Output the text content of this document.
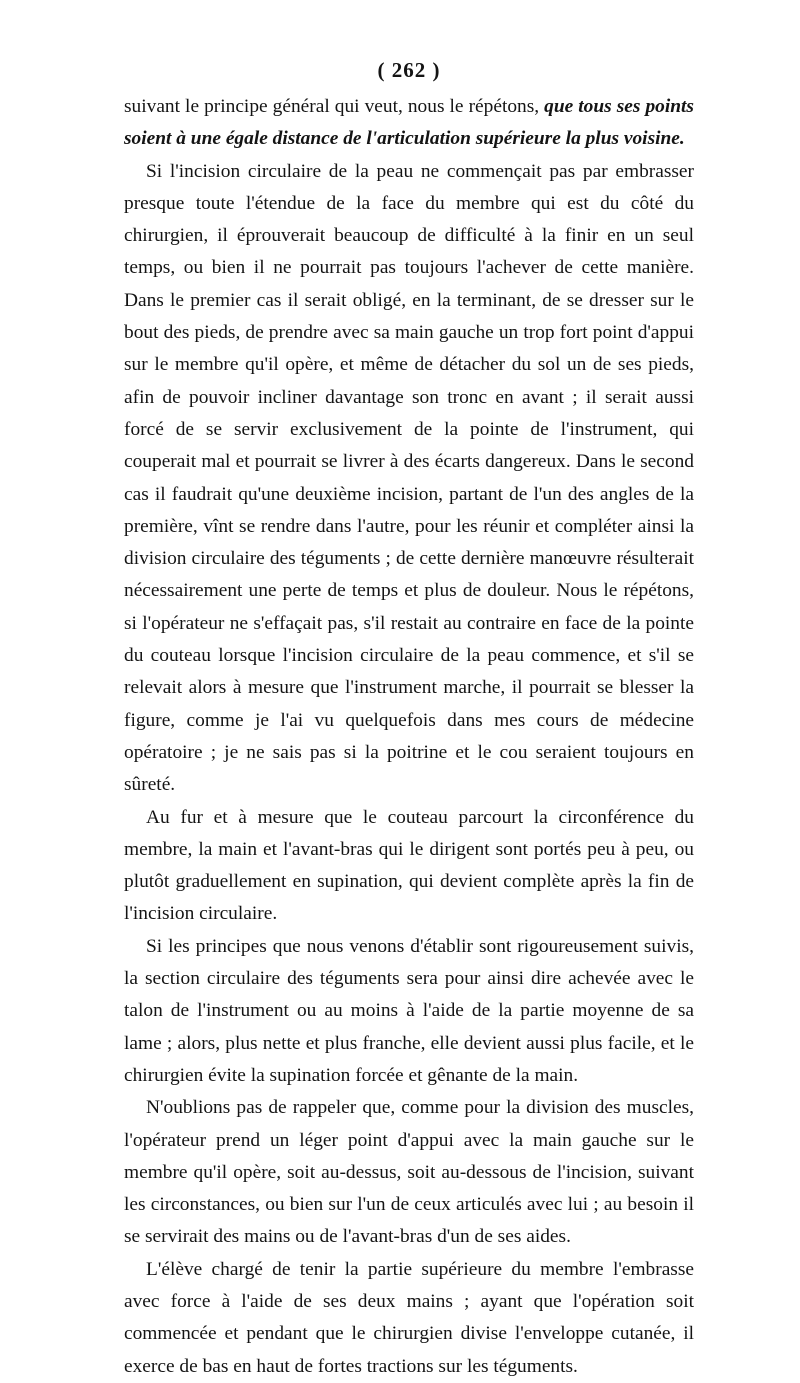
( 262 )

suivant le principe général qui veut, nous le répétons, que tous ses points soient à une égale distance de l'articulation supérieure la plus voisine.

Si l'incision circulaire de la peau ne commençait pas par embrasser presque toute l'étendue de la face du membre qui est du côté du chirurgien, il éprouverait beaucoup de difficulté à la finir en un seul temps, ou bien il ne pourrait pas toujours l'achever de cette manière. Dans le premier cas il serait obligé, en la terminant, de se dresser sur le bout des pieds, de prendre avec sa main gauche un trop fort point d'appui sur le membre qu'il opère, et même de détacher du sol un de ses pieds, afin de pouvoir incliner davantage son tronc en avant ; il serait aussi forcé de se servir exclusivement de la pointe de l'instrument, qui couperait mal et pourrait se livrer à des écarts dangereux. Dans le second cas il faudrait qu'une deuxième incision, partant de l'un des angles de la première, vînt se rendre dans l'autre, pour les réunir et compléter ainsi la division circulaire des téguments ; de cette dernière manœuvre résulterait nécessairement une perte de temps et plus de douleur. Nous le répétons, si l'opérateur ne s'effaçait pas, s'il restait au contraire en face de la pointe du couteau lorsque l'incision circulaire de la peau commence, et s'il se relevait alors à mesure que l'instrument marche, il pourrait se blesser la figure, comme je l'ai vu quelquefois dans mes cours de médecine opératoire ; je ne sais pas si la poitrine et le cou seraient toujours en sûreté.

Au fur et à mesure que le couteau parcourt la circonférence du membre, la main et l'avant-bras qui le dirigent sont portés peu à peu, ou plutôt graduellement en supination, qui devient complète après la fin de l'incision circulaire.

Si les principes que nous venons d'établir sont rigoureusement suivis, la section circulaire des téguments sera pour ainsi dire achevée avec le talon de l'instrument ou au moins à l'aide de la partie moyenne de sa lame ; alors, plus nette et plus franche, elle devient aussi plus facile, et le chirurgien évite la supination forcée et gênante de la main.

N'oublions pas de rappeler que, comme pour la division des muscles, l'opérateur prend un léger point d'appui avec la main gauche sur le membre qu'il opère, soit au-dessus, soit au-dessous de l'incision, suivant les circonstances, ou bien sur l'un de ceux articulés avec lui ; au besoin il se servirait des mains ou de l'avant-bras d'un de ses aides.

L'élève chargé de tenir la partie supérieure du membre l'embrasse avec force à l'aide de ses deux mains ; ayant que l'opération soit commencée et pendant que le chirurgien divise l'enveloppe cutanée, il exerce de bas en haut de fortes tractions sur les téguments.
